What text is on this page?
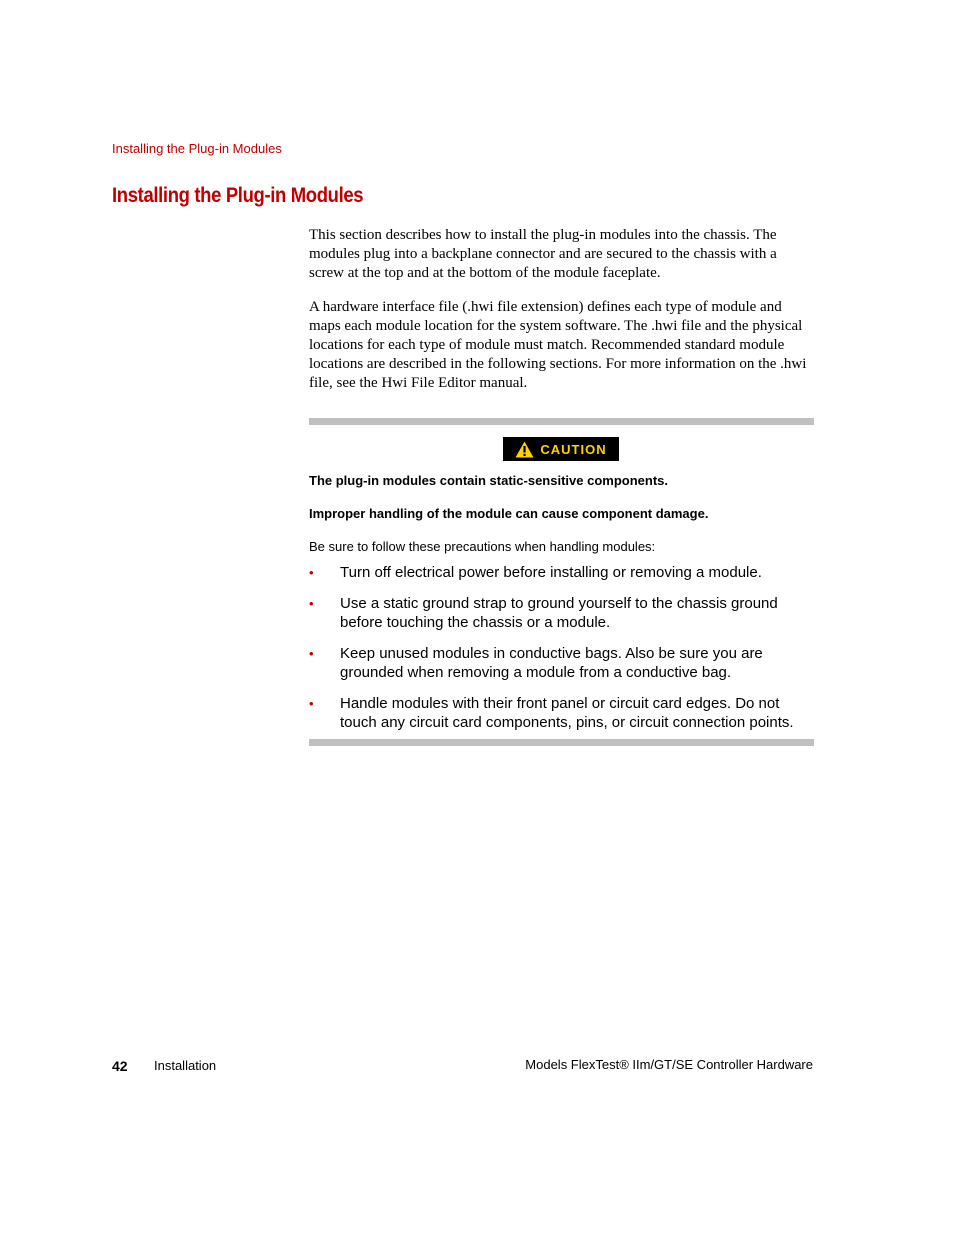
Installing the Plug-in Modules
Installing the Plug-in Modules

This section describes how to install the plug-in modules into the chassis. The modules plug into a backplane connector and are secured to the chassis with a screw at the top and at the bottom of the module faceplate.

A hardware interface file (.hwi file extension) defines each type of module and maps each module location for the system software. The .hwi file and the physical locations for each type of module must match. Recommended standard module locations are described in the following sections. For more information on the .hwi file, see the Hwi File Editor manual.

CAUTION

The plug-in modules contain static-sensitive components.

Improper handling of the module can cause component damage.

Be sure to follow these precautions when handling modules:

• Turn off electrical power before installing or removing a module.
• Use a static ground strap to ground yourself to the chassis ground before touching the chassis or a module.
• Keep unused modules in conductive bags. Also be sure you are grounded when removing a module from a conductive bag.
• Handle modules with their front panel or circuit card edges. Do not touch any circuit card components, pins, or circuit connection points.
42 Installation	Models FlexTest® IIm/GT/SE Controller Hardware
